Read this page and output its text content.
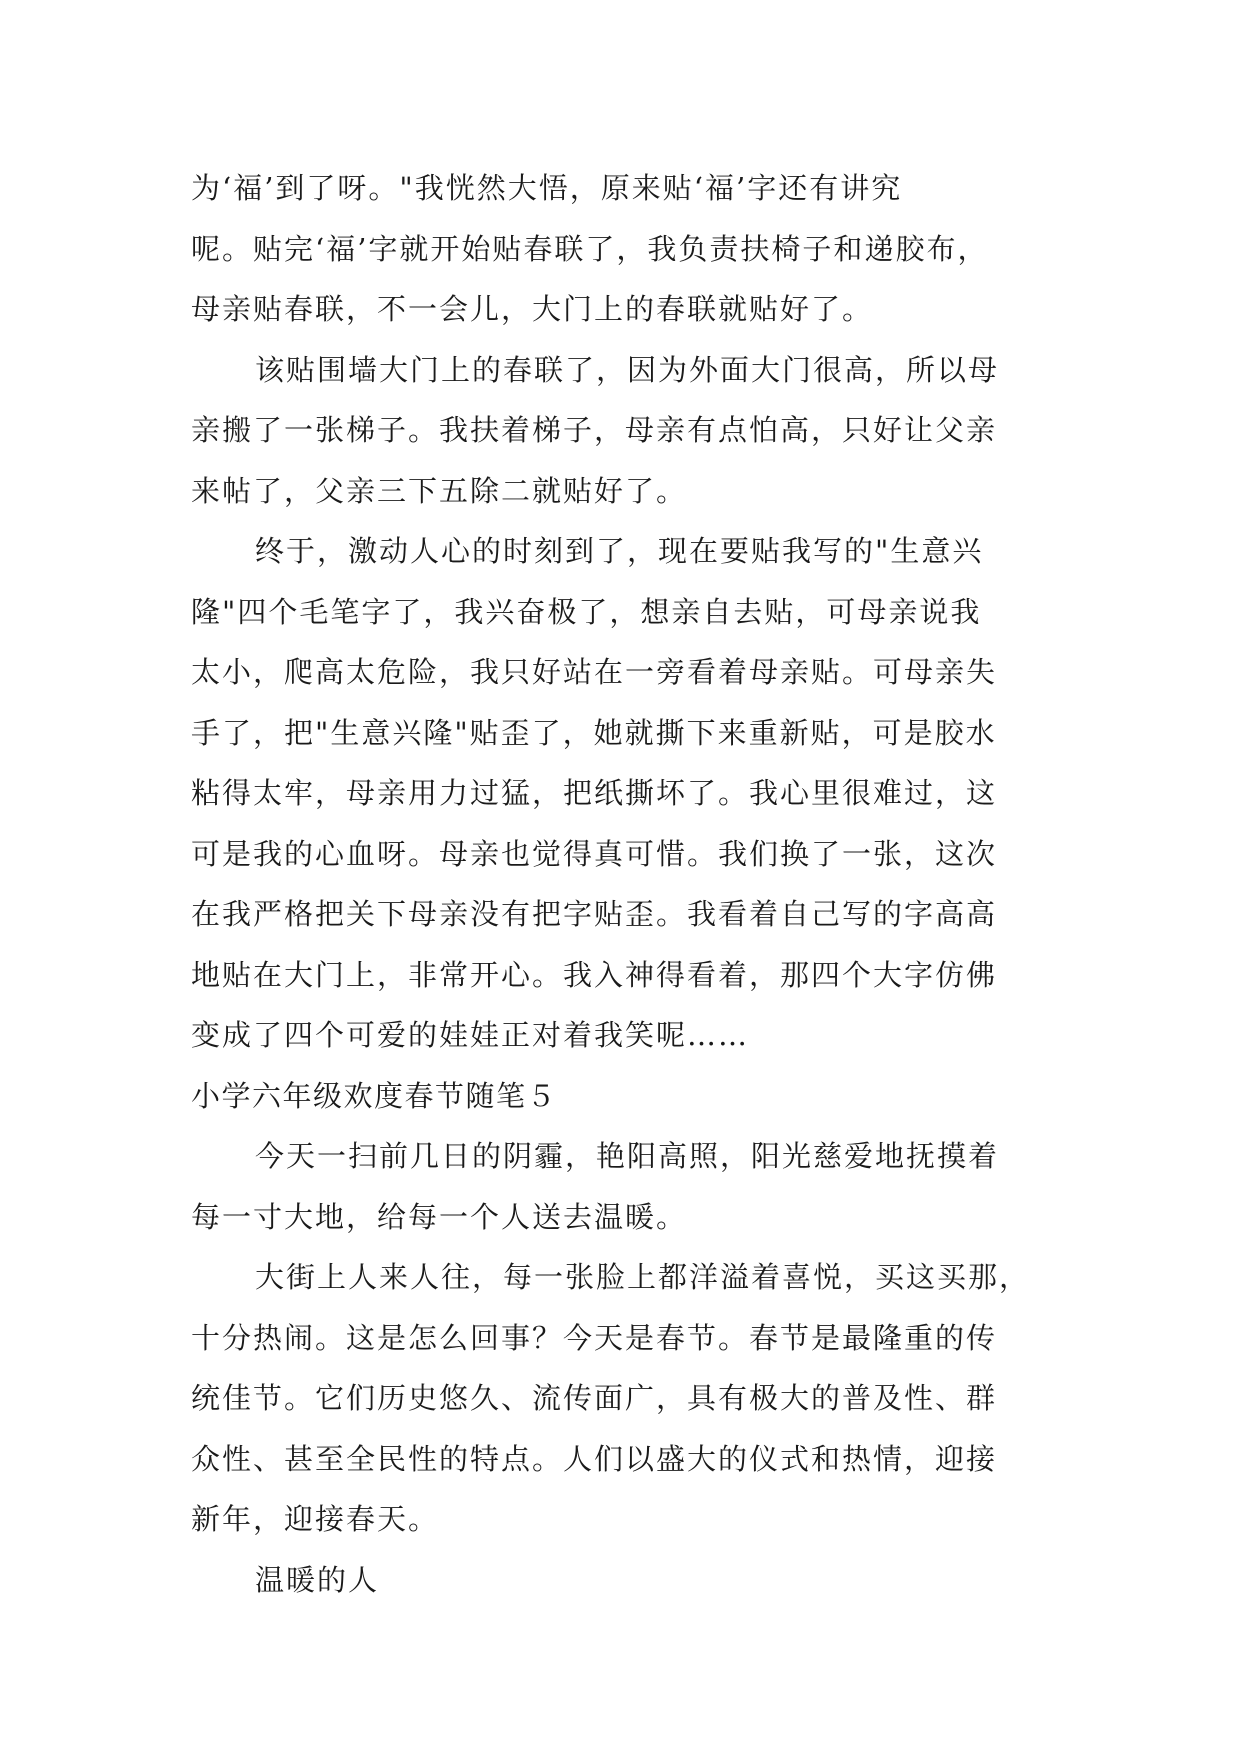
为‘福’到了呀。"我恍然大悟，原来贴‘福’字还有讲究
呢。贴完‘福’字就开始贴春联了，我负责扶椅子和递胶布，
母亲贴春联，不一会儿，大门上的春联就贴好了。
该贴围墙大门上的春联了，因为外面大门很高，所以母
亲搬了一张梯子。我扶着梯子，母亲有点怕高，只好让父亲
来帖了，父亲三下五除二就贴好了。
终于，激动人心的时刻到了，现在要贴我写的"生意兴
隆"四个毛笔字了，我兴奋极了，想亲自去贴，可母亲说我
太小，爬高太危险，我只好站在一旁看着母亲贴。可母亲失
手了，把"生意兴隆"贴歪了，她就撕下来重新贴，可是胶水
粘得太牢，母亲用力过猛，把纸撕坏了。我心里很难过，这
可是我的心血呀。母亲也觉得真可惜。我们换了一张，这次
在我严格把关下母亲没有把字贴歪。我看着自己写的字高高
地贴在大门上，非常开心。我入神得看着，那四个大字仿佛
变成了四个可爱的娃娃正对着我笑呢……
小学六年级欢度春节随笔５
今天一扫前几日的阴霾，艳阳高照，阳光慈爱地抚摸着
每一寸大地，给每一个人送去温暖。
大街上人来人往，每一张脸上都洋溢着喜悦，买这买那，
十分热闹。这是怎么回事？今天是春节。春节是最隆重的传
统佳节。它们历史悠久、流传面广，具有极大的普及性、群
众性、甚至全民性的特点。人们以盛大的仪式和热情，迎接
新年，迎接春天。
温暖的人
